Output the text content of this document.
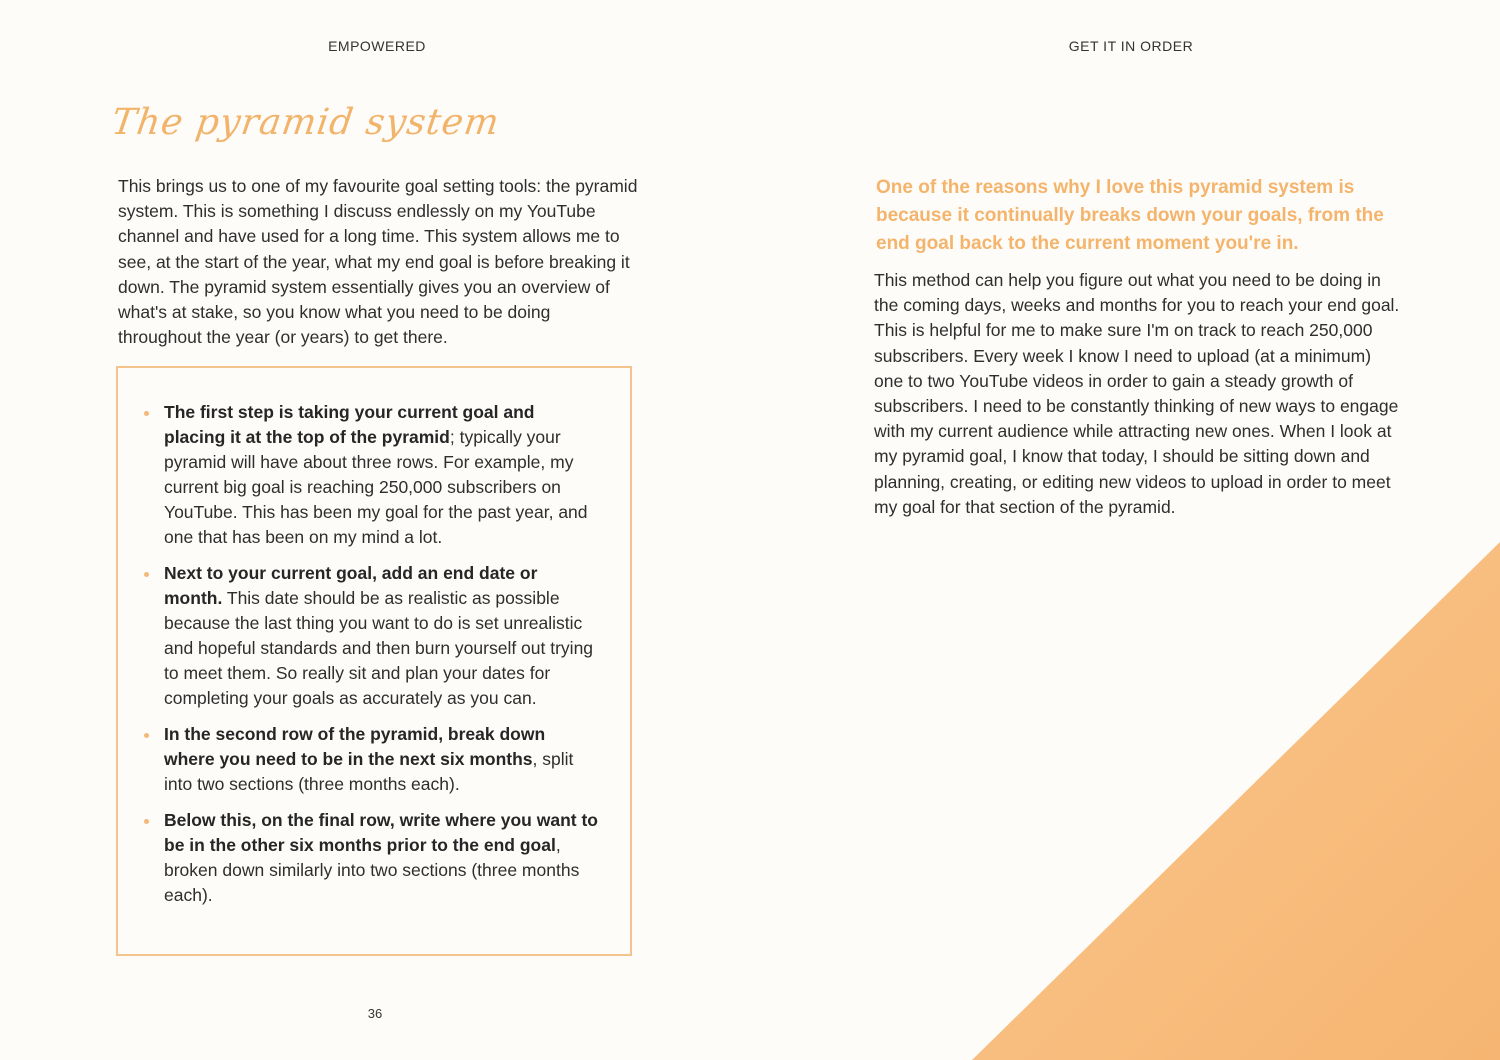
EMPOWERED
The pyramid system

This brings us to one of my favourite goal setting tools: the pyramid system. This is something I discuss endlessly on my YouTube channel and have used for a long time. This system allows me to see, at the start of the year, what my end goal is before breaking it down. The pyramid system essentially gives you an overview of what's at stake, so you know what you need to be doing throughout the year (or years) to get there.

The first step is taking your current goal and placing it at the top of the pyramid; typically your pyramid will have about three rows. For example, my current big goal is reaching 250,000 subscribers on YouTube. This has been my goal for the past year, and one that has been on my mind a lot.
Next to your current goal, add an end date or month. This date should be as realistic as possible because the last thing you want to do is set unrealistic and hopeful standards and then burn yourself out trying to meet them. So really sit and plan your dates for completing your goals as accurately as you can.
In the second row of the pyramid, break down where you need to be in the next six months, split into two sections (three months each).
Below this, on the final row, write where you want to be in the other six months prior to the end goal, broken down similarly into two sections (three months each).
36
GET IT IN ORDER

One of the reasons why I love this pyramid system is because it continually breaks down your goals, from the end goal back to the current moment you're in.

This method can help you figure out what you need to be doing in the coming days, weeks and months for you to reach your end goal. This is helpful for me to make sure I'm on track to reach 250,000 subscribers. Every week I know I need to upload (at a minimum) one to two YouTube videos in order to gain a steady growth of subscribers. I need to be constantly thinking of new ways to engage with my current audience while attracting new ones. When I look at my pyramid goal, I know that today, I should be sitting down and planning, creating, or editing new videos to upload in order to meet my goal for that section of the pyramid.
